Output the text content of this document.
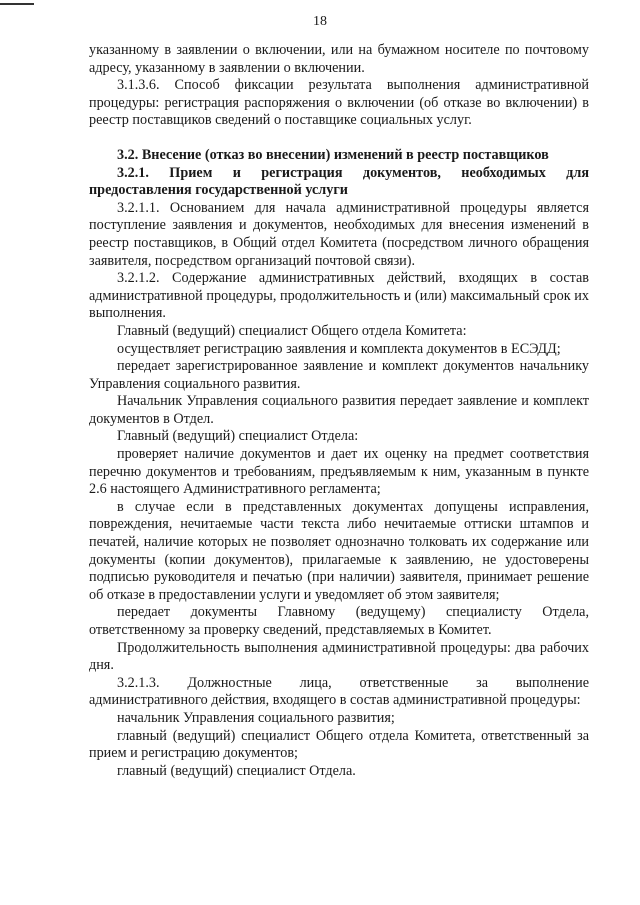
18

указанному в заявлении о включении, или на бумажном носителе по почтовому адресу, указанному в заявлении о включении.

3.1.3.6. Способ фиксации результата выполнения административной процедуры: регистрация распоряжения о включении (об отказе во включении) в реестр поставщиков сведений о поставщике социальных услуг.

3.2. Внесение (отказ во внесении) изменений в реестр поставщиков

3.2.1. Прием и регистрация документов, необходимых для предоставления государственной услуги

3.2.1.1. Основанием для начала административной процедуры является поступление заявления и документов, необходимых для внесения изменений в реестр поставщиков, в Общий отдел Комитета (посредством личного обращения заявителя, посредством организаций почтовой связи).

3.2.1.2. Содержание административных действий, входящих в состав административной процедуры, продолжительность и (или) максимальный срок их выполнения.

Главный (ведущий) специалист Общего отдела Комитета:

осуществляет регистрацию заявления и комплекта документов в ЕСЭДД;

передает зарегистрированное заявление и комплект документов начальнику Управления социального развития.

Начальник Управления социального развития передает заявление и комплект документов в Отдел.

Главный (ведущий) специалист Отдела:

проверяет наличие документов и дает их оценку на предмет соответствия перечню документов и требованиям, предъявляемым к ним, указанным в пункте 2.6 настоящего Административного регламента;

в случае если в представленных документах допущены исправления, повреждения, нечитаемые части текста либо нечитаемые оттиски штампов и печатей, наличие которых не позволяет однозначно толковать их содержание или документы (копии документов), прилагаемые к заявлению, не удостоверены подписью руководителя и печатью (при наличии) заявителя, принимает решение об отказе в предоставлении услуги и уведомляет об этом заявителя;

передает документы Главному (ведущему) специалисту Отдела, ответственному за проверку сведений, представляемых в Комитет.

Продолжительность выполнения административной процедуры: два рабочих дня.

3.2.1.3. Должностные лица, ответственные за выполнение административного действия, входящего в состав административной процедуры:

начальник Управления социального развития;

главный (ведущий) специалист Общего отдела Комитета, ответственный за прием и регистрацию документов;

главный (ведущий) специалист Отдела.
